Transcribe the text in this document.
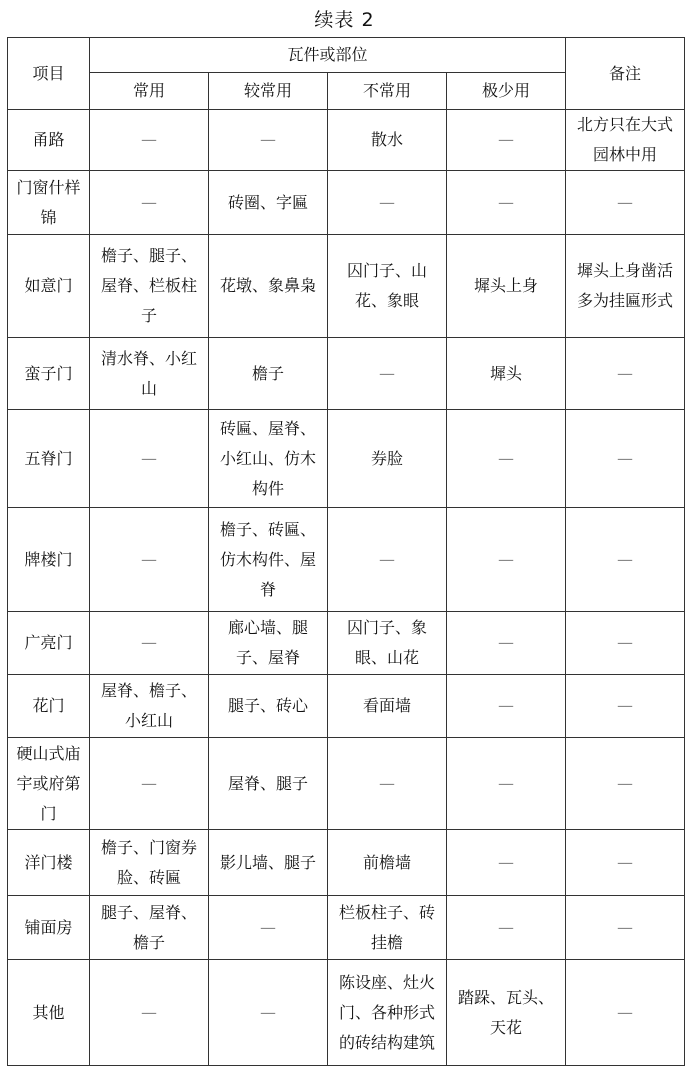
续表 2
项目	瓦件或部位				备注
	常用	较常用	不常用	极少用	
甬路	—	—	散水	—	北方只在大式园林中用
门窗什样锦	—	砖圈、字匾	—	—	—
如意门	檐子、腿子、屋脊、栏板柱子	花墩、象鼻枭	囚门子、山花、象眼	墀头上身	墀头上身凿活多为挂匾形式
蛮子门	清水脊、小红山	檐子	—	墀头	—
五脊门	—	砖匾、屋脊、小红山、仿木构件	券脸	—	—
牌楼门	—	檐子、砖匾、仿木构件、屋脊	—	—	—
广亮门	—	廊心墙、腿子、屋脊	囚门子、象眼、山花	—	—
花门	屋脊、檐子、小红山	腿子、砖心	看面墙	—	—
硬山式庙宇或府第门	—	屋脊、腿子	—	—	—
洋门楼	檐子、门窗券脸、砖匾	影儿墙、腿子	前檐墙	—	—
铺面房	腿子、屋脊、檐子	—	栏板柱子、砖挂檐	—	—
其他	—	—	陈设座、灶火门、各种形式的砖结构建筑	踏跺、瓦头、天花	—
